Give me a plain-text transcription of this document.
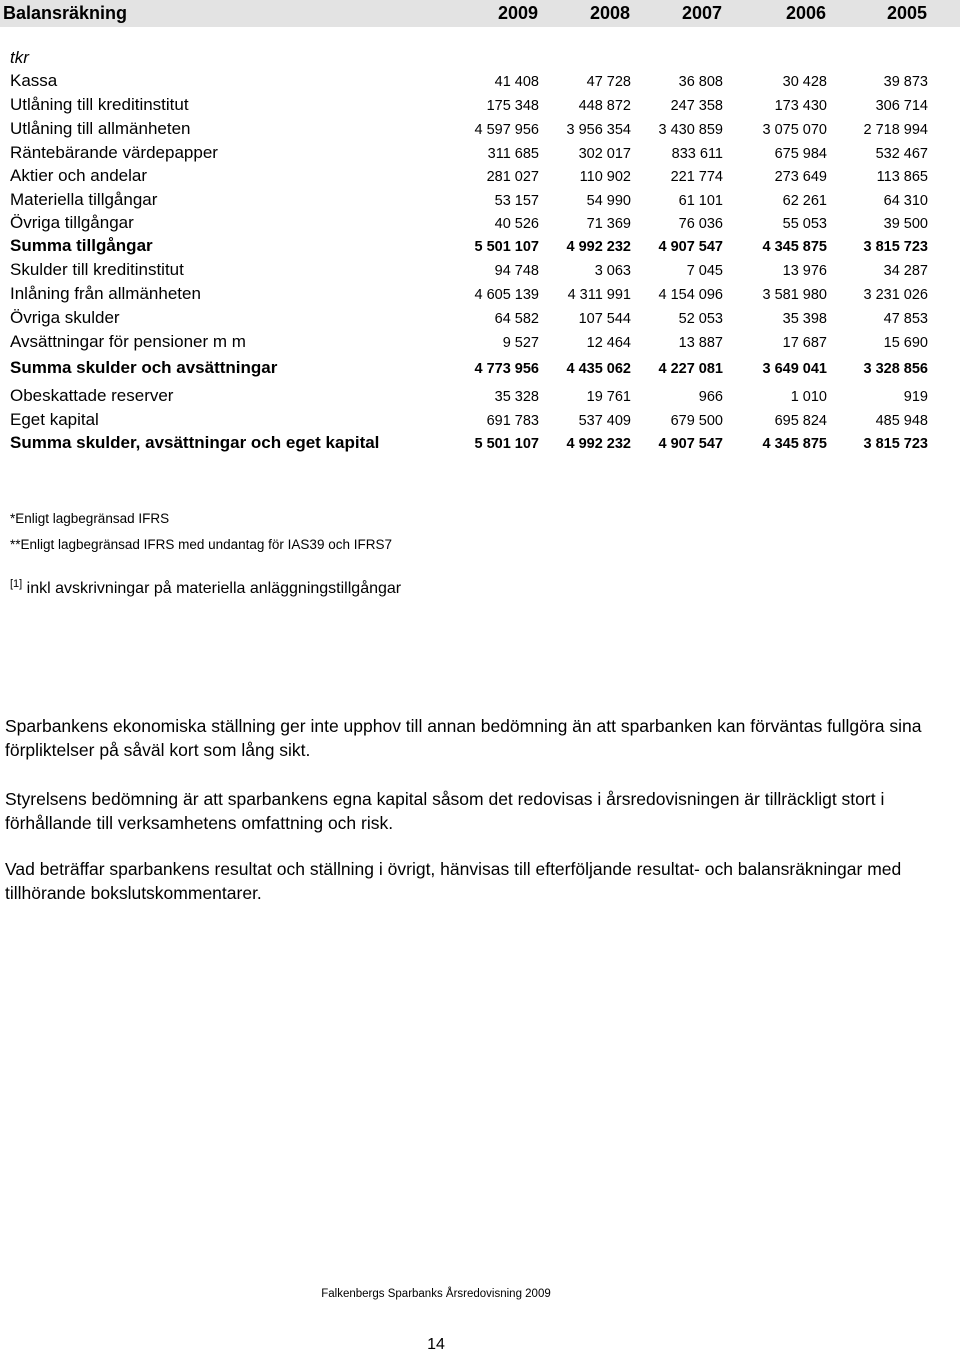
Balansräkning	2009	2008	2007	2006	2005
tkr
Kassa	41 408	47 728	36 808	30 428	39 873
Utlåning till kreditinstitut	175 348	448 872	247 358	173 430	306 714
Utlåning till allmänheten	4 597 956	3 956 354	3 430 859	3 075 070	2 718 994
Räntebärande värdepapper	311 685	302 017	833 611	675 984	532 467
Aktier och andelar	281 027	110 902	221 774	273 649	113 865
Materiella tillgångar	53 157	54 990	61 101	62 261	64 310
Övriga tillgångar	40 526	71 369	76 036	55 053	39 500
Summa tillgångar	5 501 107	4 992 232	4 907 547	4 345 875	3 815 723
Skulder till kreditinstitut	94 748	3 063	7 045	13 976	34 287
Inlåning från allmänheten	4 605 139	4 311 991	4 154 096	3 581 980	3 231 026
Övriga skulder	64 582	107 544	52 053	35 398	47 853
Avsättningar för pensioner m m	9 527	12 464	13 887	17 687	15 690
Summa skulder och avsättningar	4 773 956	4 435 062	4 227 081	3 649 041	3 328 856
Obeskattade reserver	35 328	19 761	966	1 010	919
Eget kapital	691 783	537 409	679 500	695 824	485 948
Summa skulder, avsättningar och eget kapital	5 501 107	4 992 232	4 907 547	4 345 875	3 815 723
*Enligt lagbegränsad IFRS
**Enligt lagbegränsad IFRS med undantag för IAS39 och IFRS7
[1] inkl avskrivningar på materiella anläggningstillgångar

Sparbankens ekonomiska ställning ger inte upphov till annan bedömning än att sparbanken kan förväntas fullgöra sina förpliktelser på såväl kort som lång sikt.

Styrelsens bedömning är att sparbankens egna kapital såsom det redovisas i årsredovisningen är tillräckligt stort i förhållande till verksamhetens omfattning och risk.

Vad beträffar sparbankens resultat och ställning i övrigt, hänvisas till efterföljande resultat- och balansräkningar med tillhörande bokslutskommentarer.

Falkenbergs Sparbanks Årsredovisning 2009
14
